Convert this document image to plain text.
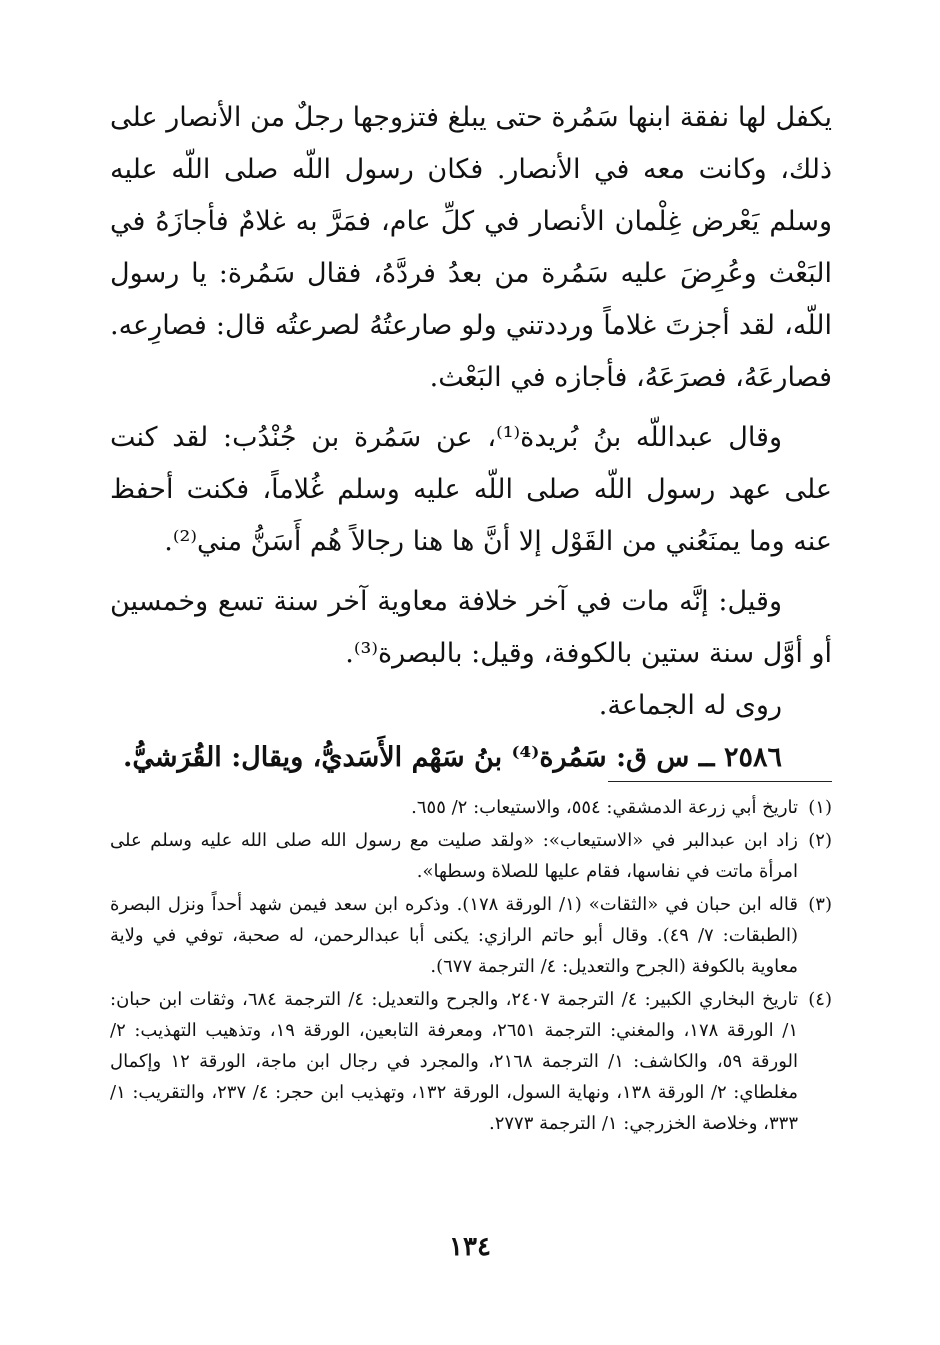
يكفل لها نفقة ابنها سَمُرة حتى يبلغ فتزوجها رجلٌ من الأنصار على ذلك، وكانت معه في الأنصار. فكان رسول اللّه صلى اللّه عليه وسلم يَعْرض غِلْمان الأنصار في كلِّ عام، فمَرَّ به غلامٌ فأجازَهُ في البَعْث وعُرِضَ عليه سَمُرة من بعدُ فردَّهُ، فقال سَمُرة: يا رسول اللّه، لقد أجزتَ غلاماً ورددتني ولو صارعتُهُ لصرعتُه قال: فصارِعه. فصارعَهُ، فصرَعَهُ، فأجازه في البَعْث.

وقال عبداللّه بنُ بُريدة⁽¹⁾، عن سَمُرة بن جُنْدُب: لقد كنت على عهد رسول اللّه صلى اللّه عليه وسلم غُلاماً، فكنت أحفظ عنه وما يمنَعُني من القَوْل إلا أنَّ ها هنا رجالاً هُم أَسَنُّ مني⁽²⁾.

وقيل: إنَّه مات في آخر خلافة معاوية آخر سنة تسع وخمسين أو أوَّل سنة ستين بالكوفة، وقيل: بالبصرة⁽³⁾.

روى له الجماعة.

٢٥٨٦ ــ س ق: سَمُرة⁽⁴⁾ بنُ سَهْم الأَسَديُّ، ويقال: القُرَشيُّ.

(١)
تاريخ أبي زرعة الدمشقي: ٥٥٤، والاستيعاب: ٢/ ٦٥٥.
(٢)
زاد ابن عبدالبر في «الاستيعاب»: «ولقد صليت مع رسول الله صلى الله عليه وسلم على امرأة ماتت في نفاسها، فقام عليها للصلاة وسطها».
(٣)
قاله ابن حبان في «الثقات» (١/ الورقة ١٧٨). وذكره ابن سعد فيمن شهد أحداً ونزل البصرة (الطبقات: ٧/ ٤٩). وقال أبو حاتم الرازي: يكنى أبا عبدالرحمن، له صحبة، توفي في ولاية معاوية بالكوفة (الجرح والتعديل: ٤/ الترجمة ٦٧٧).
(٤)
تاريخ البخاري الكبير: ٤/ الترجمة ٢٤٠٧، والجرح والتعديل: ٤/ الترجمة ٦٨٤، وثقات ابن حبان: ١/ الورقة ١٧٨، والمغني: الترجمة ٢٦٥١، ومعرفة التابعين، الورقة ١٩، وتذهيب التهذيب: ٢/ الورقة ٥٩، والكاشف: ١/ الترجمة ٢١٦٨، والمجرد في رجال ابن ماجة، الورقة ١٢ وإكمال مغلطاي: ٢/ الورقة ١٣٨، ونهاية السول، الورقة ١٣٢، وتهذيب ابن حجر: ٤/ ٢٣٧، والتقريب: ١/ ٣٣٣، وخلاصة الخزرجي: ١/ الترجمة ٢٧٧٣.
١٣٤
